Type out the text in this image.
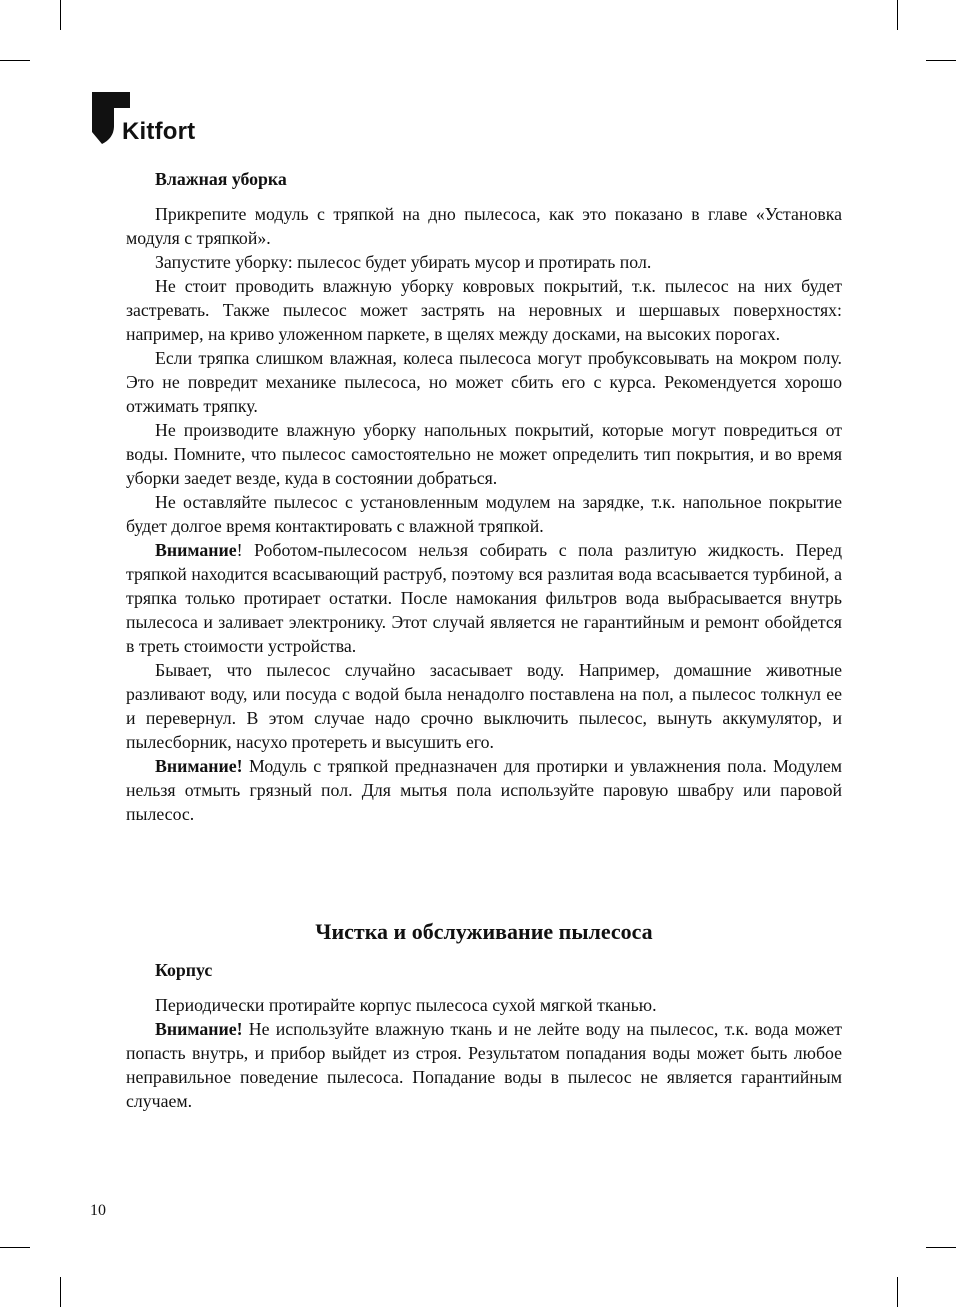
Kitfort
Влажная уборка

Прикрепите модуль с тряпкой на дно пылесоса, как это показано в главе «Установка модуля с тряпкой».

Запустите уборку: пылесос будет убирать мусор и протирать пол.

Не стоит проводить влажную уборку ковровых покрытий, т.к. пылесос на них будет застревать. Также пылесос может застрять на неровных и шершавых поверхностях: например, на криво уложенном паркете, в щелях между досками, на высоких порогах.

Если тряпка слишком влажная, колеса пылесоса могут пробуксовывать на мокром полу. Это не повредит механике пылесоса, но может сбить его с курса. Рекомендуется хорошо отжимать тряпку.

Не производите влажную уборку напольных покрытий, которые могут повредиться от воды. Помните, что пылесос самостоятельно не может определить тип покрытия, и во время уборки заедет везде, куда в состоянии добраться.

Не оставляйте пылесос с установленным модулем на зарядке, т.к. напольное покрытие будет долгое время контактировать с влажной тряпкой.

Внимание! Роботом-пылесосом нельзя собирать с пола разлитую жидкость. Перед тряпкой находится всасывающий раструб, поэтому вся разлитая вода всасывается турбиной, а тряпка только протирает остатки. После намокания фильтров вода выбрасывается внутрь пылесоса и заливает электронику. Этот случай является не гарантийным и ремонт обойдется в треть стоимости устройства.

Бывает, что пылесос случайно засасывает воду. Например, домашние животные разливают воду, или посуда с водой была ненадолго поставлена на пол, а пылесос толкнул ее и перевернул. В этом случае надо срочно выключить пылесос, вынуть аккумулятор, и пылесборник, насухо протереть и высушить его.

Внимание! Модуль с тряпкой предназначен для протирки и увлажнения пола. Модулем нельзя отмыть грязный пол. Для мытья пола используйте паровую швабру или паровой пылесос.

Чистка и обслуживание пылесоса
Корпус

Периодически протирайте корпус пылесоса сухой мягкой тканью.

Внимание! Не используйте влажную ткань и не лейте воду на пылесос, т.к. вода может попасть внутрь, и прибор выйдет из строя. Результатом попадания воды может быть любое неправильное поведение пылесоса. Попадание воды в пылесос не является гарантийным случаем.

10
